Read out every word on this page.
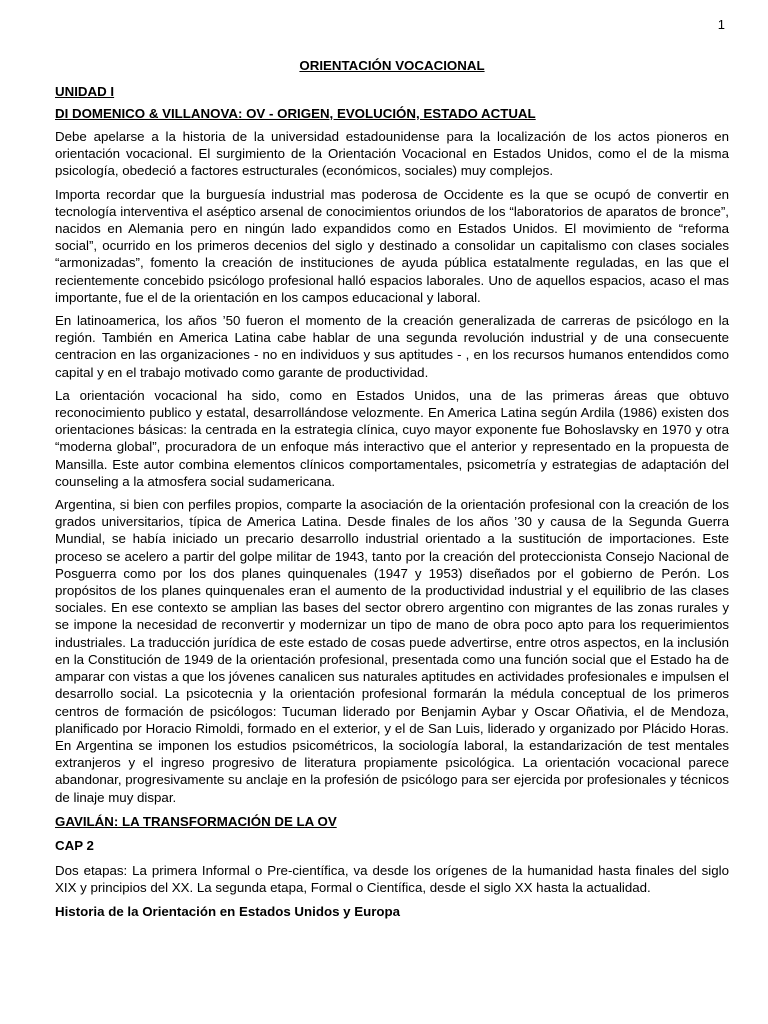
1
ORIENTACIÓN VOCACIONAL
UNIDAD I
DI DOMENICO & VILLANOVA: OV - ORIGEN, EVOLUCIÓN, ESTADO ACTUAL

Debe apelarse a la historia de la universidad estadounidense para la localización de los actos pioneros en orientación vocacional. El surgimiento de la Orientación Vocacional en Estados Unidos, como el de la misma psicología, obedeció a factores estructurales (económicos, sociales) muy complejos.

Importa recordar que la burguesía industrial mas poderosa de Occidente es la que se ocupó de convertir en tecnología interventiva el aséptico arsenal de conocimientos oriundos de los “laboratorios de aparatos de bronce”, nacidos en Alemania pero en ningún lado expandidos como en Estados Unidos. El movimiento de “reforma social”, ocurrido en los primeros decenios del siglo y destinado a consolidar un capitalismo con clases sociales “armonizadas”, fomento la creación de instituciones de ayuda pública estatalmente reguladas, en las que el recientemente concebido psicólogo profesional halló espacios laborales. Uno de aquellos espacios, acaso el mas importante, fue el de la orientación en los campos educacional y laboral.

En latinoamerica, los años ’50 fueron el momento de la creación generalizada de carreras de psicólogo en la región. También en America Latina cabe hablar de una segunda revolución industrial y de una consecuente centracion en las organizaciones - no en individuos y sus aptitudes - , en los recursos humanos entendidos como capital y en el trabajo motivado como garante de productividad.

La orientación vocacional ha sido, como en Estados Unidos, una de las primeras áreas que obtuvo reconocimiento publico y estatal, desarrollándose velozmente. En America Latina según Ardila (1986) existen dos orientaciones básicas: la centrada en la estrategia clínica, cuyo mayor exponente fue Bohoslavsky en 1970 y otra “moderna global”, procuradora de un enfoque más interactivo que el anterior y representado en la propuesta de Mansilla. Este autor combina elementos clínicos comportamentales, psicometría y estrategias de adaptación del counseling a la atmosfera social sudamericana.

Argentina, si bien con perfiles propios, comparte la asociación de la orientación profesional con la creación de los grados universitarios, típica de America Latina. Desde finales de los años ’30 y causa de la Segunda Guerra Mundial, se había iniciado un precario desarrollo industrial orientado a la sustitución de importaciones. Este proceso se acelero a partir del golpe militar de 1943, tanto por la creación del proteccionista Consejo Nacional de Posguerra como por los dos planes quinquenales (1947 y 1953) diseñados por el gobierno de Perón. Los propósitos de los planes quinquenales eran el aumento de la productividad industrial y el equilibrio de las clases sociales. En ese contexto se amplian las bases del sector obrero argentino con migrantes de las zonas rurales y se impone la necesidad de reconvertir y modernizar un tipo de mano de obra poco apto para los requerimientos industriales. La traducción jurídica de este estado de cosas puede advertirse, entre otros aspectos, en la inclusión en la Constitución de 1949 de la orientación profesional, presentada como una función social que el Estado ha de amparar con vistas a que los jóvenes canalicen sus naturales aptitudes en actividades profesionales e impulsen el desarrollo social. La psicotecnia y la orientación profesional formarán la médula conceptual de los primeros centros de formación de psicólogos: Tucuman liderado por Benjamin Aybar y Oscar Oñativia, el de Mendoza, planificado por Horacio Rimoldi, formado en el exterior, y el de San Luis, liderado y organizado por Plácido Horas. En Argentina se imponen los estudios psicométricos, la sociología laboral, la estandarización de test mentales extranjeros y el ingreso progresivo de literatura propiamente psicológica. La orientación vocacional parece abandonar, progresivamente su anclaje en la profesión de psicólogo para ser ejercida por profesionales y técnicos de linaje muy dispar.

GAVILÁN: LA TRANSFORMACIÓN DE LA OV
CAP 2

Dos etapas: La primera Informal o Pre-científica, va desde los orígenes de la humanidad hasta finales del siglo XIX y principios del XX. La segunda etapa, Formal o Científica, desde el siglo XX hasta la actualidad.

Historia de la Orientación en Estados Unidos y Europa
